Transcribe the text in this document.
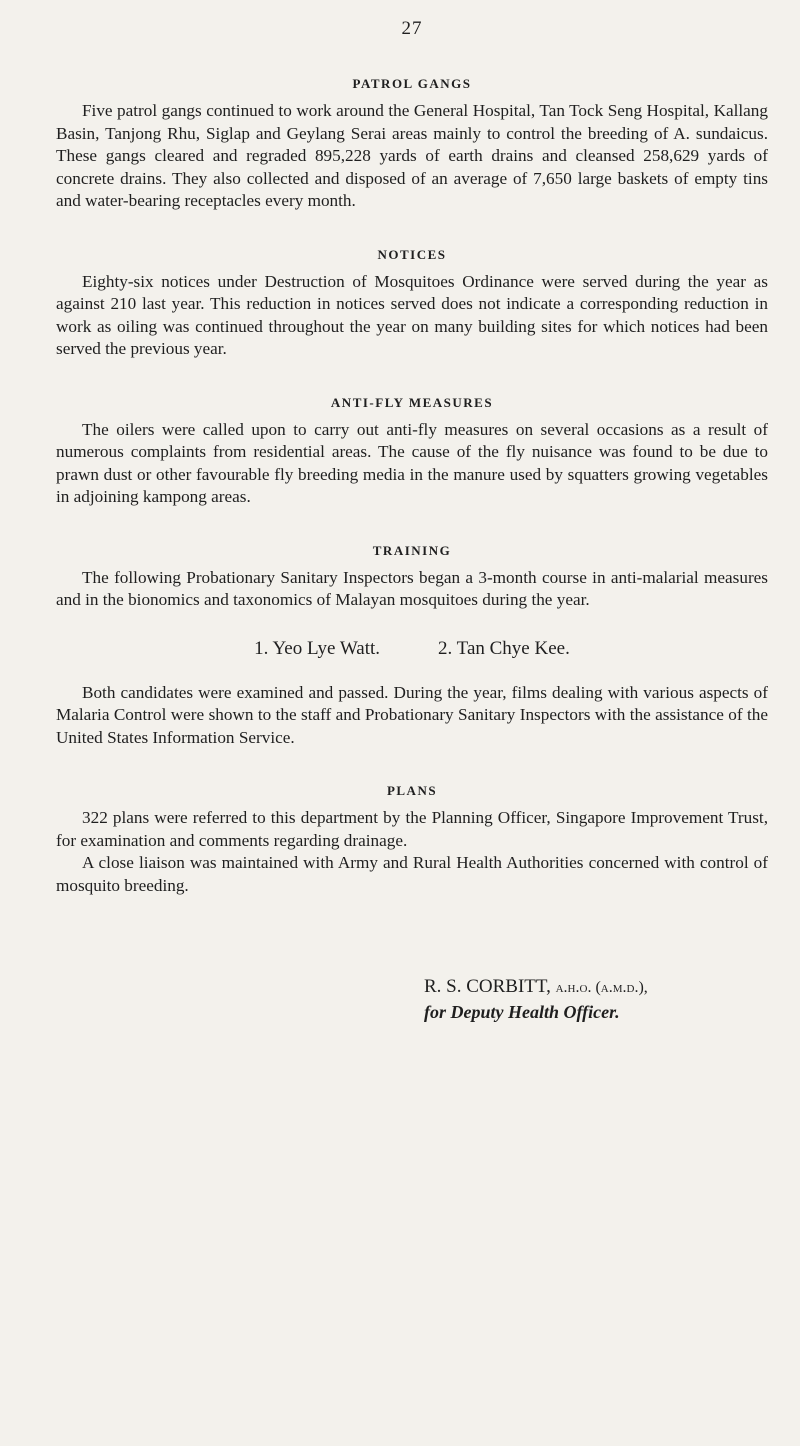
27
PATROL GANGS

Five patrol gangs continued to work around the General Hospital, Tan Tock Seng Hospital, Kallang Basin, Tanjong Rhu, Siglap and Geylang Serai areas mainly to control the breeding of A. sundaicus. These gangs cleared and regraded 895,228 yards of earth drains and cleansed 258,629 yards of concrete drains. They also collected and disposed of an average of 7,650 large baskets of empty tins and water-bearing receptacles every month.

NOTICES

Eighty-six notices under Destruction of Mosquitoes Ordinance were served during the year as against 210 last year. This reduction in notices served does not indicate a corresponding reduction in work as oiling was continued throughout the year on many building sites for which notices had been served the previous year.

ANTI-FLY MEASURES

The oilers were called upon to carry out anti-fly measures on several occasions as a result of numerous complaints from residential areas. The cause of the fly nuisance was found to be due to prawn dust or other favourable fly breeding media in the manure used by squatters growing vegetables in adjoining kampong areas.

TRAINING

The following Probationary Sanitary Inspectors began a 3-month course in anti-malarial measures and in the bionomics and taxonomics of Malayan mosquitoes during the year.

1. Yeo Lye Watt.	2. Tan Chye Kee.

Both candidates were examined and passed. During the year, films dealing with various aspects of Malaria Control were shown to the staff and Probationary Sanitary Inspectors with the assistance of the United States Information Service.

PLANS

322 plans were referred to this department by the Planning Officer, Singapore Improvement Trust, for examination and comments regarding drainage.

A close liaison was maintained with Army and Rural Health Authorities concerned with control of mosquito breeding.

R. S. CORBITT, a.h.o. (a.m.d.),
for Deputy Health Officer.
